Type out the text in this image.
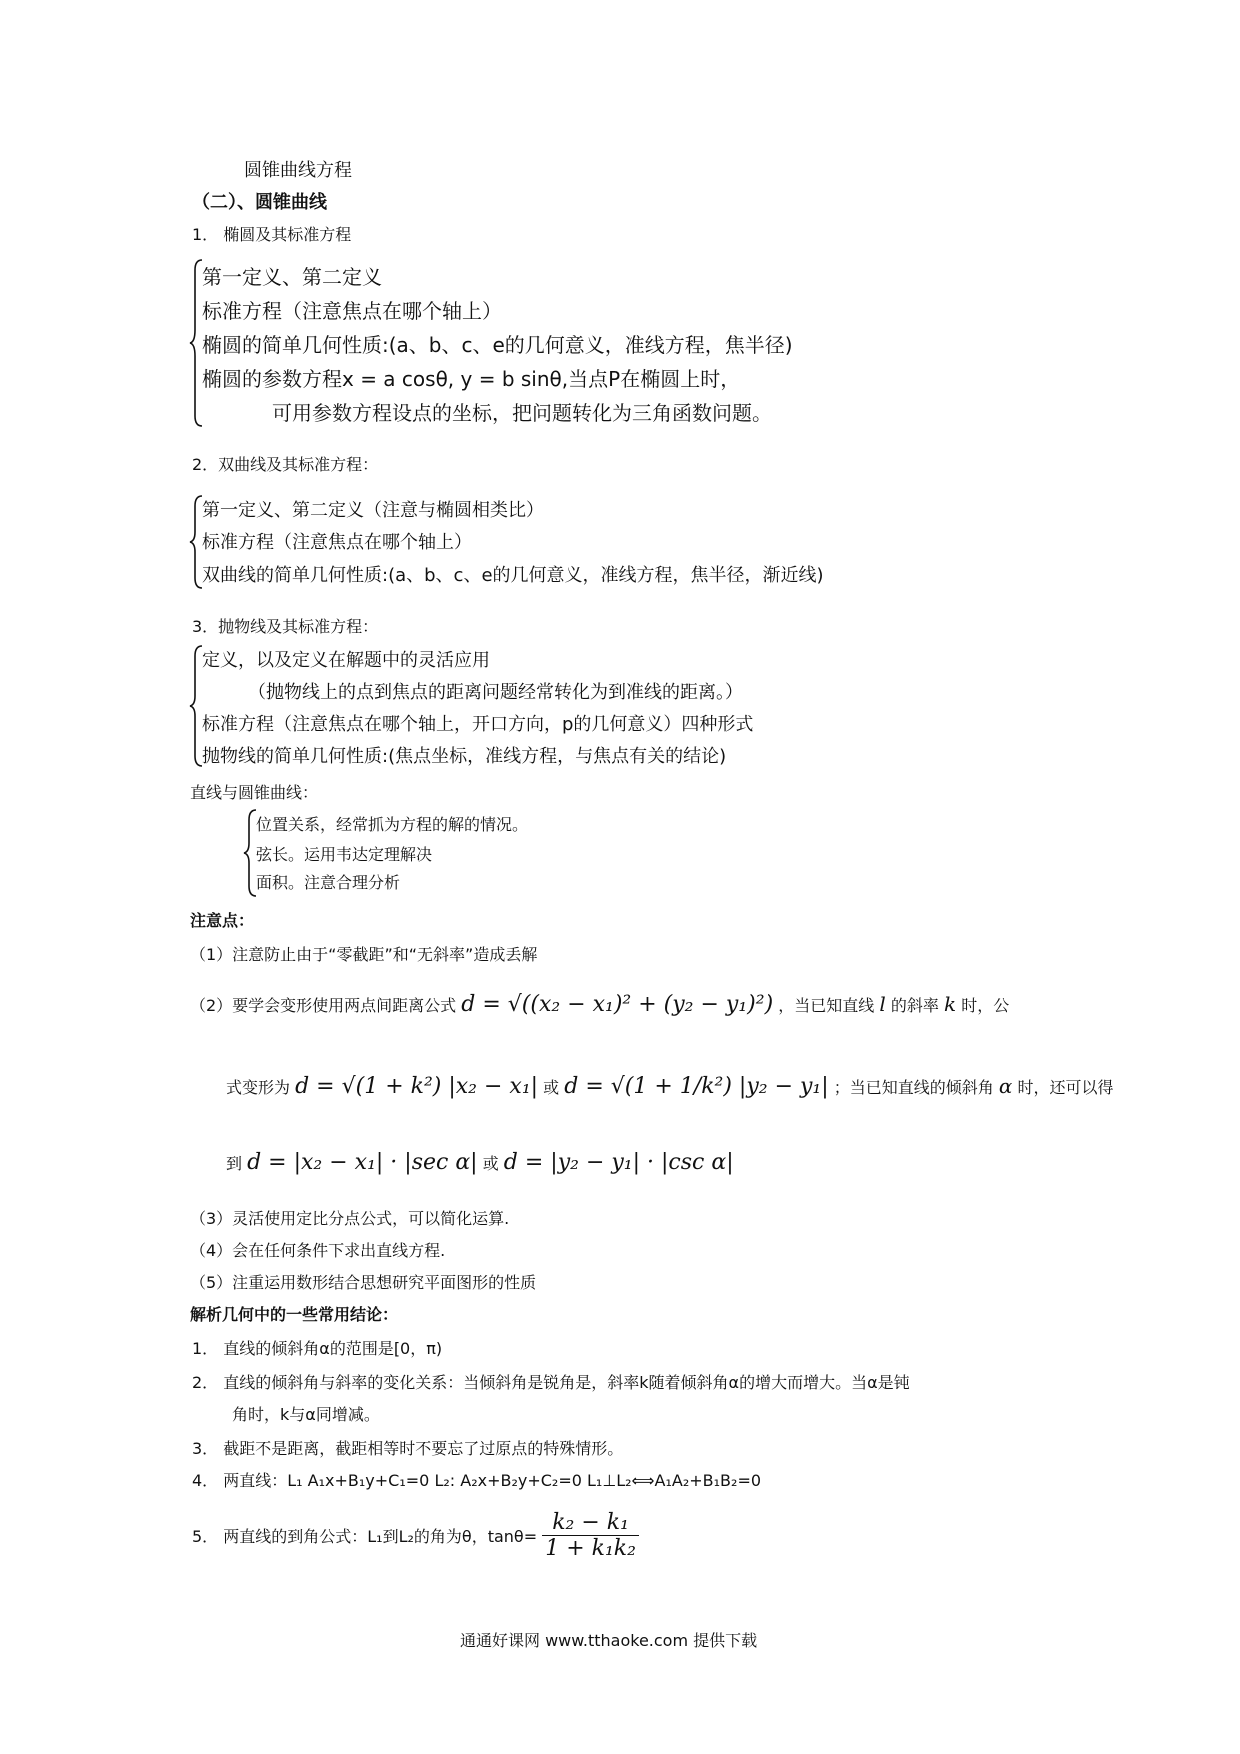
圆锥曲线方程
（二）、圆锥曲线
1． 椭圆及其标准方程
第一定义、第二定义
标准方程（注意焦点在哪个轴上）
椭圆的简单几何性质:(a、b、c、e的几何意义，准线方程，焦半径)
椭圆的参数方程x = a cosθ, y = b sinθ,当点P在椭圆上时，
可用参数方程设点的坐标，把问题转化为三角函数问题。
2．双曲线及其标准方程：
第一定义、第二定义（注意与椭圆相类比）
标准方程（注意焦点在哪个轴上）
双曲线的简单几何性质:(a、b、c、e的几何意义，准线方程，焦半径，渐近线)
3．抛物线及其标准方程：
定义，以及定义在解题中的灵活应用
（抛物线上的点到焦点的距离问题经常转化为到准线的距离。）
标准方程（注意焦点在哪个轴上，开口方向，p的几何意义）四种形式
抛物线的简单几何性质:(焦点坐标，准线方程，与焦点有关的结论)
直线与圆锥曲线：
位置关系，经常抓为方程的解的情况。
弦长。运用韦达定理解决
面积。注意合理分析
注意点：
（1）注意防止由于“零截距”和“无斜率”造成丢解
（2）要学会变形使用两点间距离公式 d = √((x₂ − x₁)² + (y₂ − y₁)²) ，当已知直线 l 的斜率 k 时，公
式变形为 d = √(1 + k²) |x₂ − x₁| 或 d = √(1 + 1/k²) |y₂ − y₁| ；当已知直线的倾斜角 α 时，还可以得
到 d = |x₂ − x₁| · |sec α| 或 d = |y₂ − y₁| · |csc α|
（3）灵活使用定比分点公式，可以简化运算.
（4）会在任何条件下求出直线方程.
（5）注重运用数形结合思想研究平面图形的性质
解析几何中的一些常用结论：
1． 直线的倾斜角α的范围是[0，π)
2． 直线的倾斜角与斜率的变化关系：当倾斜角是锐角是，斜率k随着倾斜角α的增大而增大。当α是钝
角时，k与α同增减。
3． 截距不是距离，截距相等时不要忘了过原点的特殊情形。
4． 两直线：L₁ A₁x+B₁y+C₁=0 L₂: A₂x+B₂y+C₂=0 L₁⊥L₂⟺A₁A₂+B₁B₂=0
5． 两直线的到角公式：L₁到L₂的角为θ，$\tan\theta= \frac{\text{k₂ − k₁}}{\text{1 + k₁k₂}}$
通通好课网 www.tthaoke.com 提供下载
